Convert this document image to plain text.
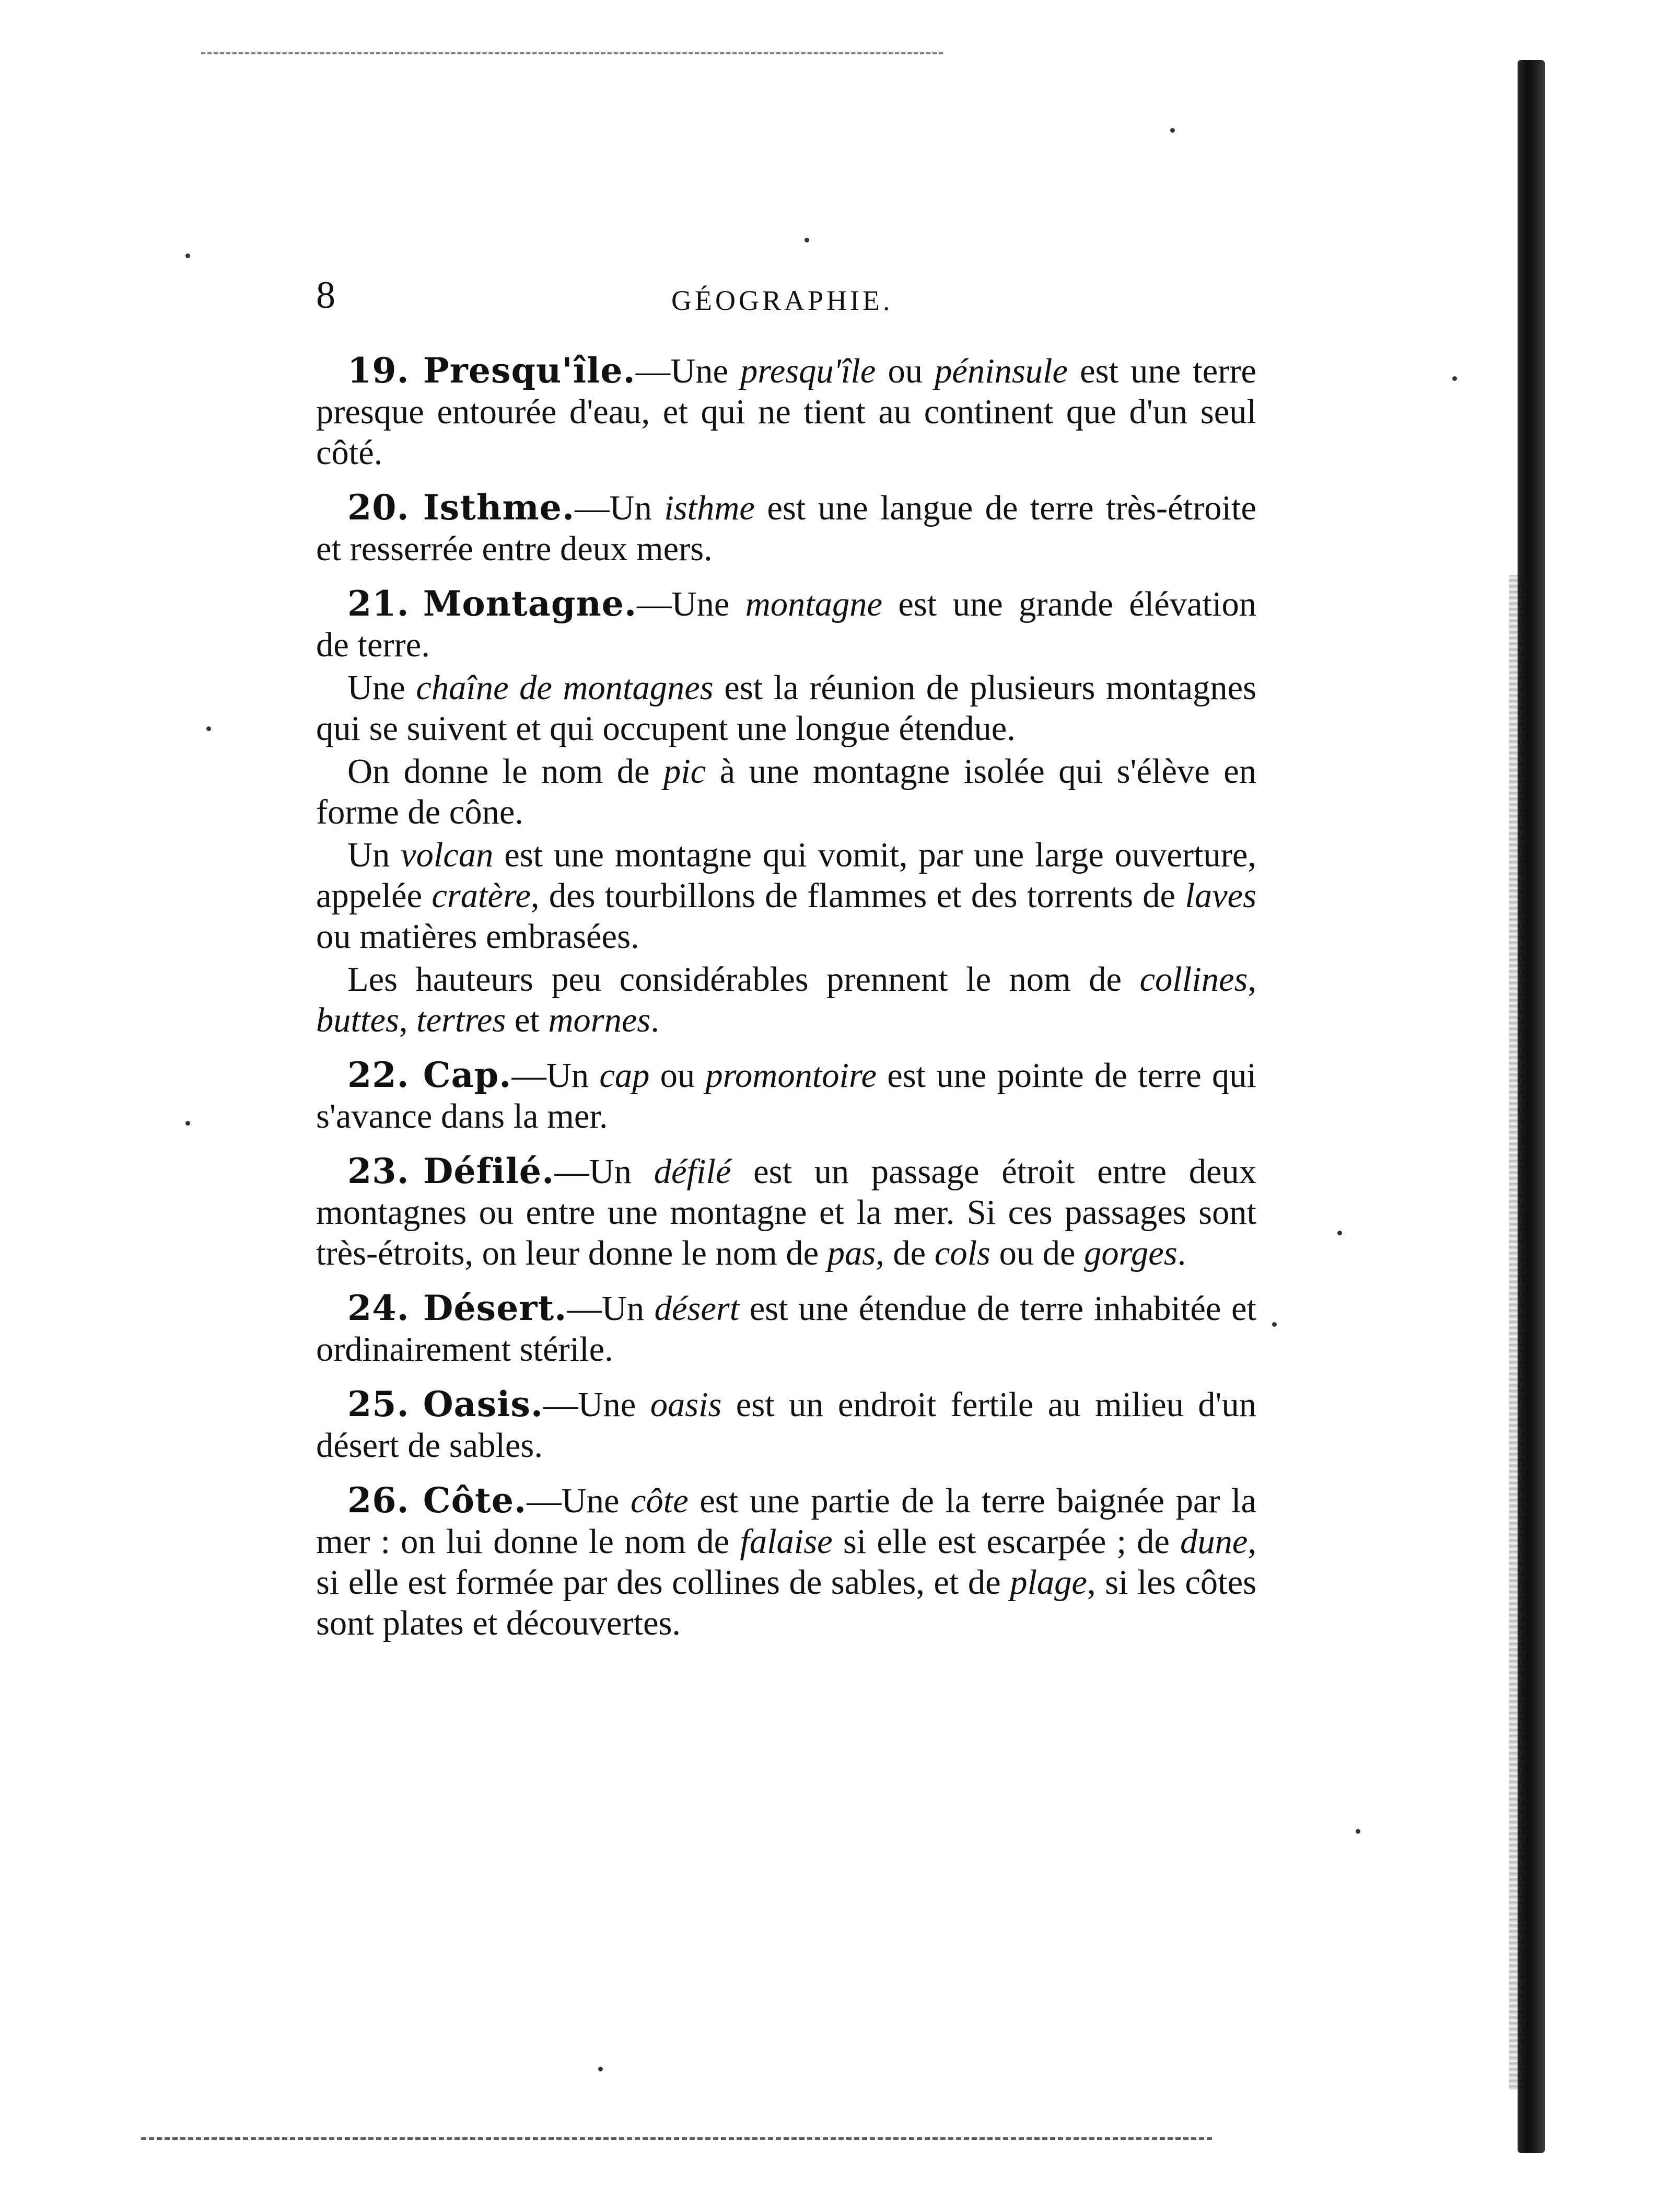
8	GÉOGRAPHIE.

19. Presqu'île.—Une presqu'île ou péninsule est une terre presque entourée d'eau, et qui ne tient au continent que d'un seul côté.

20. Isthme.—Un isthme est une langue de terre très-étroite et resserrée entre deux mers.

21. Montagne.—Une montagne est une grande élévation de terre.

Une chaîne de montagnes est la réunion de plusieurs montagnes qui se suivent et qui occupent une longue étendue.

On donne le nom de pic à une montagne isolée qui s'élève en forme de cône.

Un volcan est une montagne qui vomit, par une large ouverture, appelée cratère, des tourbillons de flammes et des torrents de laves ou matières embrasées.

Les hauteurs peu considérables prennent le nom de collines, buttes, tertres et mornes.

22. Cap.—Un cap ou promontoire est une pointe de terre qui s'avance dans la mer.

23. Défilé.—Un défilé est un passage étroit entre deux montagnes ou entre une montagne et la mer. Si ces passages sont très-étroits, on leur donne le nom de pas, de cols ou de gorges.

24. Désert.—Un désert est une étendue de terre inhabitée et ordinairement stérile.

25. Oasis.—Une oasis est un endroit fertile au milieu d'un désert de sables.

26. Côte.—Une côte est une partie de la terre baignée par la mer : on lui donne le nom de falaise si elle est escarpée ; de dune, si elle est formée par des collines de sables, et de plage, si les côtes sont plates et découvertes.
